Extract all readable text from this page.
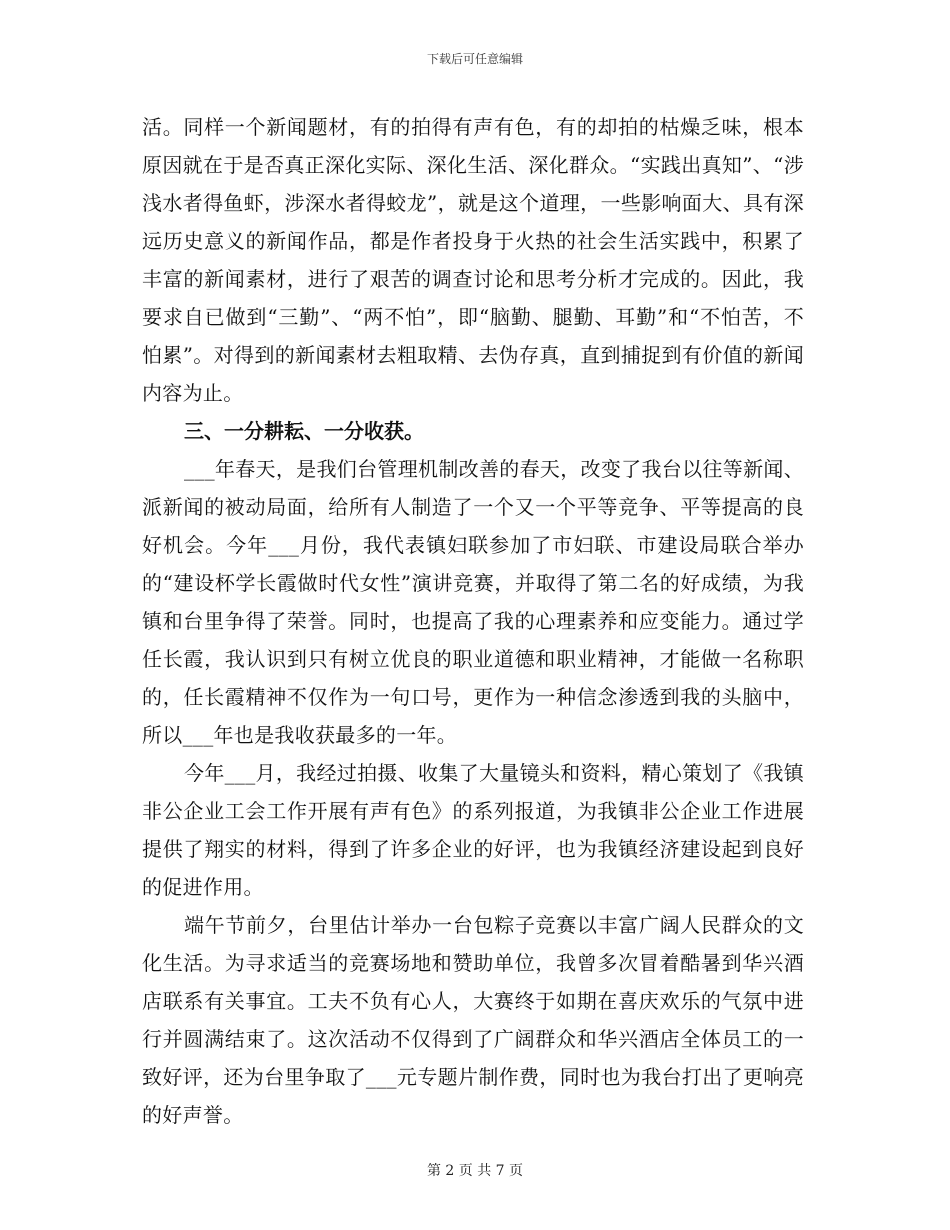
下载后可任意编辑

活。同样一个新闻题材，有的拍得有声有色，有的却拍的枯燥乏味，根本原因就在于是否真正深化实际、深化生活、深化群众。“实践出真知”、“涉浅水者得鱼虾，涉深水者得蛟龙”，就是这个道理，一些影响面大、具有深远历史意义的新闻作品，都是作者投身于火热的社会生活实践中，积累了丰富的新闻素材，进行了艰苦的调查讨论和思考分析才完成的。因此，我要求自已做到“三勤”、“两不怕”，即“脑勤、腿勤、耳勤”和“不怕苦，不怕累”。对得到的新闻素材去粗取精、去伪存真，直到捕捉到有价值的新闻内容为止。

三、一分耕耘、一分收获。

___年春天，是我们台管理机制改善的春天，改变了我台以往等新闻、派新闻的被动局面，给所有人制造了一个又一个平等竞争、平等提高的良好机会。今年___月份，我代表镇妇联参加了市妇联、市建设局联合举办的“建设杯学长霞做时代女性”演讲竞赛，并取得了第二名的好成绩，为我镇和台里争得了荣誉。同时，也提高了我的心理素养和应变能力。通过学任长霞，我认识到只有树立优良的职业道德和职业精神，才能做一名称职的，任长霞精神不仅作为一句口号，更作为一种信念渗透到我的头脑中，所以___年也是我收获最多的一年。

今年___月，我经过拍摄、收集了大量镜头和资料，精心策划了《我镇非公企业工会工作开展有声有色》的系列报道，为我镇非公企业工作进展提供了翔实的材料，得到了许多企业的好评，也为我镇经济建设起到良好的促进作用。

端午节前夕，台里估计举办一台包粽子竞赛以丰富广阔人民群众的文化生活。为寻求适当的竞赛场地和赞助单位，我曾多次冒着酷暑到华兴酒店联系有关事宜。工夫不负有心人，大赛终于如期在喜庆欢乐的气氛中进行并圆满结束了。这次活动不仅得到了广阔群众和华兴酒店全体员工的一致好评，还为台里争取了___元专题片制作费，同时也为我台打出了更响亮的好声誉。

第 2 页 共 7 页
